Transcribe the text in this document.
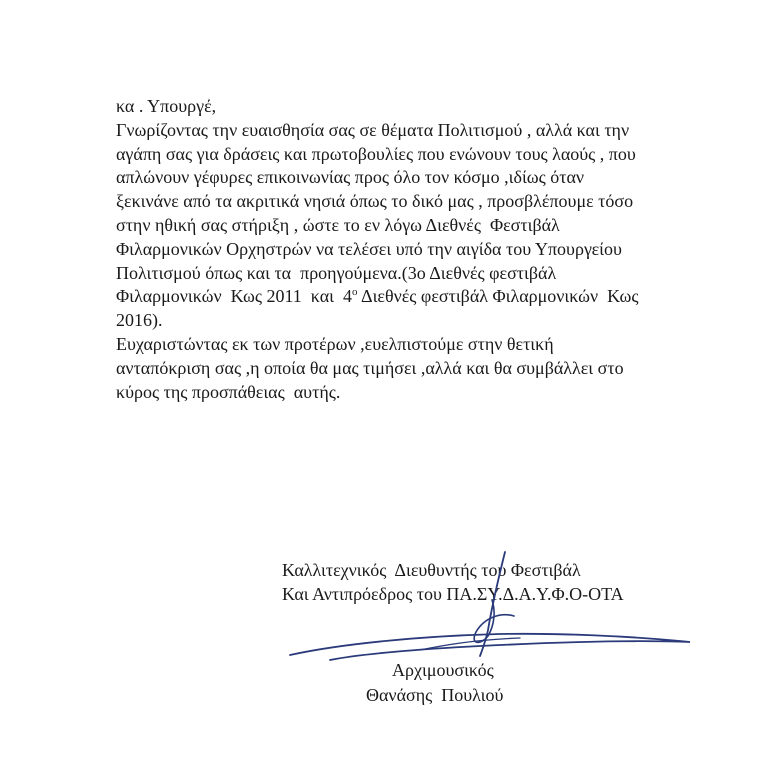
κα . Υπουργέ,

Γνωρίζοντας την ευαισθησία σας σε θέματα Πολιτισμού , αλλά και την

αγάπη σας για δράσεις και πρωτοβουλίες που ενώνουν τους λαούς , που

απλώνουν γέφυρες επικοινωνίας προς όλο τον κόσμο ,ιδίως όταν

ξεκινάνε από τα ακριτικά νησιά όπως το δικό μας , προσβλέπουμε τόσο

στην ηθική σας στήριξη , ώστε το εν λόγω Διεθνές  Φεστιβάλ

Φιλαρμονικών Ορχηστρών να τελέσει υπό την αιγίδα του Υπουργείου

Πολιτισμού όπως και τα  προηγούμενα.(3ο Διεθνές φεστιβάλ

Φιλαρμονικών  Κως 2011  και  $4^o$ Διεθνές φεστιβάλ Φιλαρμονικών  Κως

2016).

Ευχαριστώντας εκ των προτέρων ,ευελπιστούμε στην θετική

ανταπόκριση σας ,η οποία θα μας τιμήσει ,αλλά και θα συμβάλλει στο

κύρος της προσπάθειας  αυτής.

Καλλιτεχνικός  Διευθυντής του Φεστιβάλ

Και Αντιπρόεδρος του ΠΑ.ΣΥ.Δ.Α.Υ.Φ.Ο-ΟΤΑ

Αρχιμουσικός

Θανάσης  Πουλιού
